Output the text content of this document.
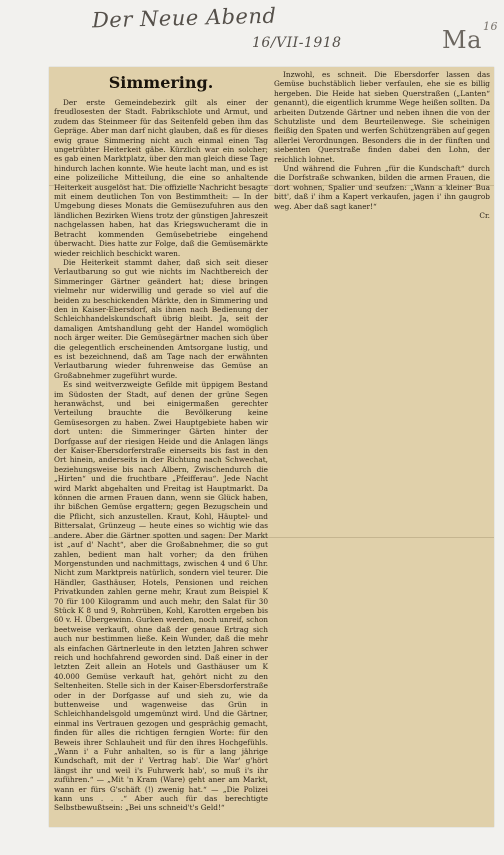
Der Neue Abend
16/VII-1918	Ma 16
Simmering.

Der erste Gemeindebezirk gilt als einer der freudlosesten der Stadt. Fabrikschlote und Armut, und zudem das Steinmeer für das Seitenfeld geben ihm das Gepräge. Aber man darf nicht glauben, daß es für dieses ewig graue Simmering nicht auch einmal einen Tag ungetrübter Heiterkeit gäbe. Kürzlich war ein solcher; es gab einen Marktplatz, über den man gleich diese Tage hindurch lachen konnte. Wie heute lacht man, und es ist eine polizeiliche Mitteilung, die eine so anhaltende Heiterkeit ausgelöst hat. Die offizielle Nachricht besagte mit einem deutlichen Ton von Bestimmtheit: — In der Umgebung dieses Monats die Gemüsezufuhren aus den ländlichen Bezirken Wiens trotz der günstigen Jahreszeit nachgelassen haben, hat das Kriegswucheramt die in Betracht kommenden Gemüsebetriebe eingehend überwacht. Dies hatte zur Folge, daß die Gemüsemärkte wieder reichlich beschickt waren.

Die Heiterkeit stammt daher, daß sich seit dieser Verlautbarung so gut wie nichts im Nachtbereich der Simmeringer Gärtner geändert hat; diese bringen vielmehr nur widerwillig und gerade so viel auf die beiden zu beschickenden Märkte, den in Simmering und den in Kaiser-Ebersdorf, als ihnen nach Bedienung der Schleichhandelskundschaft übrig bleibt. Ja, seit der damaligen Amtshandlung geht der Handel womöglich noch ärger weiter. Die Gemüsegärtner machen sich über die gelegentlich erscheinenden Amtsorgane lustig, und es ist bezeichnend, daß am Tage nach der erwähnten Verlautbarung wieder fuhrenweise das Gemüse an Großabnehmer zugeführt wurde.

Es sind weitverzweigte Gefilde mit üppigem Bestand im Südosten der Stadt, auf denen der grüne Segen heranwächst, und bei einigermaßen gerechter Verteilung brauchte die Bevölkerung keine Gemüsesorgen zu haben. Zwei Hauptgebiete haben wir dort unten: die Simmeringer Gärten hinter der Dorfgasse auf der riesigen Heide und die Anlagen längs der Kaiser-Ebersdorferstraße einerseits bis fast in den Ort hinein, anderseits in der Richtung nach Schwechat, beziehungsweise bis nach Albern, Zwischendurch die „Hirten“ und die fruchtbare „Pfeifferau“. Jede Nacht wird Markt abgehalten und Freitag ist Hauptmarkt. Da können die armen Frauen dann, wenn sie Glück haben, ihr bißchen Gemüse ergattern; gegen Bezugschein und die Pflicht, sich anzustellen. Kraut, Kohl, Häuptel- und Bittersalat, Grünzeug — heute eines so wichtig wie das andere. Aber die Gärtner spotten und sagen: Der Markt ist „auf d' Nacht“, aber die Großabnehmer, die so gut zahlen, bedient man halt vorher; da den frühen Morgenstunden und nachmittags, zwischen 4 und 6 Uhr. Nicht zum Marktpreis natürlich, sondern viel teurer. Die Händler, Gasthäuser, Hotels, Pensionen und reichen Privatkunden zahlen gerne mehr, Kraut zum Beispiel K 70 für 100 Kilogramm und auch mehr, den Salat für 30 Stück K 8 und 9, Rohrrüben, Kohl, Karotten ergeben bis 60 v. H. Übergewinn. Gurken werden, noch unreif, schon beetweise verkauft, ohne daß der genaue Ertrag sich auch nur bestimmen ließe. Kein Wunder, daß die mehr als einfachen Gärtnerleute in den letzten Jahren schwer reich und hochfahrend geworden sind. Daß einer in der letzten Zeit allein an Hotels und Gasthäuser um K 40.000 Gemüse verkauft hat, gehört nicht zu den Seltenheiten. Stelle sich in der Kaiser-Ebersdorferstraße oder in der Dorfgasse auf und sieh zu, wie da buttenweise und wagenweise das Grün in Schleichhandelsgold umgemünzt wird. Und die Gärtner, einmal ins Vertrauen gezogen und gesprächig gemacht, finden für alles die richtigen ferngien Worte: für den Beweis ihrer Schlauheit und für den ihres Hochgefühls. „Wann i' a Fuhr anhalten, so is für a lang jährige Kundschaft, mit der i' Vertrag hab'. Die War' g'hört längst ihr und weil i's Fuhrwerk hab', so muß i's ihr zuführen.“ — „Mit 'n Kram (Ware) geht aner am Markt, wann er fürs G'schäft (!) zwenig hat.“ — „Die Polizei kann uns . . .“ Aber auch für das berechtigte Selbstbewußtsein: „Bei uns schneid't's Geld!“

Inzwohl, es schneit. Die Ebersdorfer lassen das Gemüse buchstäblich lieber verfaulen, ehe sie es billig hergeben. Die Heide hat sieben Querstraßen („Lanten“ genannt), die eigentlich krumme Wege heißen sollten. Da arbeiten Dutzende Gärtner und neben ihnen die von der Schutzliste und dem Beurteilenwege. Sie scheinigen fleißig den Spaten und werfen Schützengräben auf gegen allerlei Verordnungen. Besonders die in der fünften und siebenten Querstraße finden dabei den Lohn, der reichlich lohnet.

Und während die Fuhren „für die Kundschaft“ durch die Dorfstraße schwanken, bilden die armen Frauen, die dort wohnen, Spalier und seufzen: „Wann a kleiner Bua bitt', daß i' ihm a Kapert verkaufen, jagen i' ihn gaugrob weg. Aber daß sagt kaner!“

Cr.
